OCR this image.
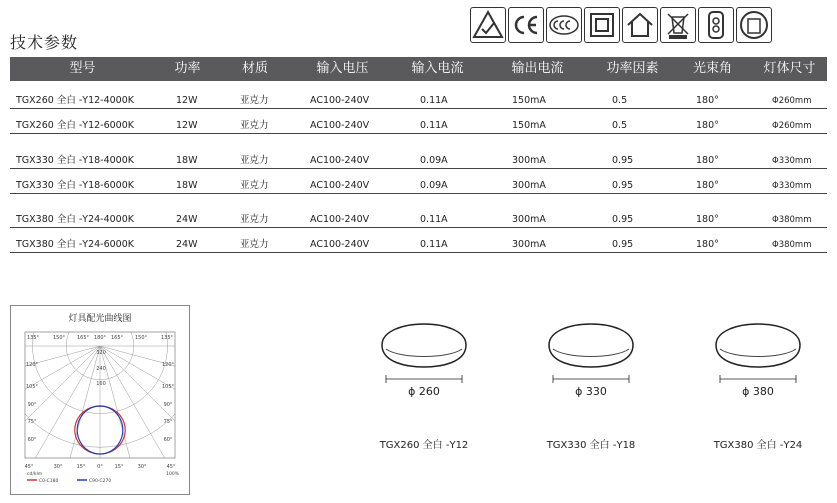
技术参数
型号	功率	材质	输入电压	输入电流	输出电流	功率因素	光束角	灯体尺寸
TGX260 全白 -Y12-4000K	12W	亚克力	AC100-240V	0.11A	150mA	0.5	180°	Φ260mm
TGX260 全白 -Y12-6000K	12W	亚克力	AC100-240V	0.11A	150mA	0.5	180°	Φ260mm
TGX330 全白 -Y18-4000K	18W	亚克力	AC100-240V	0.09A	300mA	0.95	180°	Φ330mm
TGX330 全白 -Y18-6000K	18W	亚克力	AC100-240V	0.09A	300mA	0.95	180°	Φ330mm
TGX380 全白 -Y24-4000K	24W	亚克力	AC100-240V	0.11A	300mA	0.95	180°	Φ380mm
TGX380 全白 -Y24-6000K	24W	亚克力	AC100-240V	0.11A	300mA	0.95	180°	Φ380mm
灯具配光曲线图
135°	150° 165° 180° 165° 150°	135°
120°
105°
90°
75°
60°
120°
105°
90°
75°
60°
45°	30°	15° 0° 15°	30°	45°
320
240
160
cd/klm
C0-C180	C90-C270
100%
ϕ 260
TGX260 全白 -Y12
ϕ 330
TGX330 全白 -Y18
ϕ 380
TGX380 全白 -Y24
